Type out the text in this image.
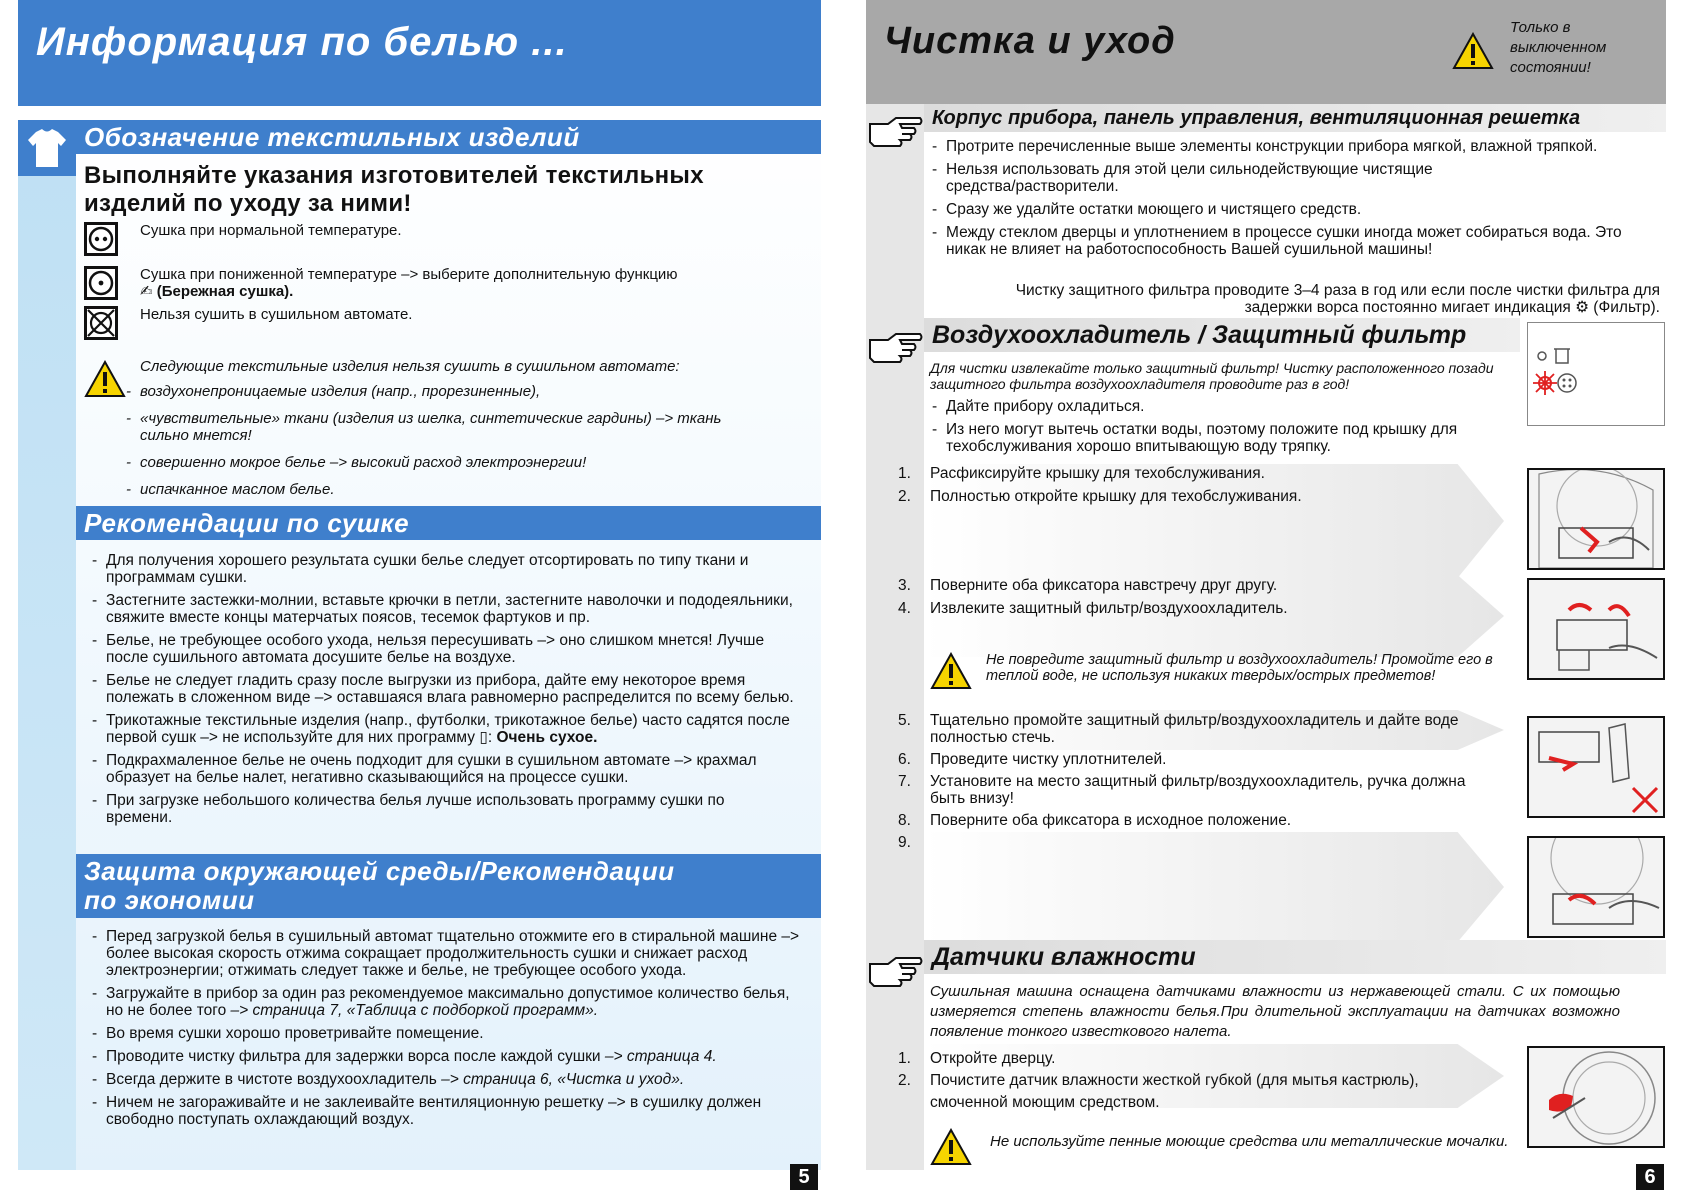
Информация по белью ...
Обозначение текстильных изделий
Выполняйте указания изготовителей текстильных изделий по уходу за ними!
Сушка при нормальной температуре.
Сушка при пониженной температуре –> выберите дополнительную функцию
✍ (Бережная сушка).
Нельзя сушить в сушильном автомате.
Следующие текстильные изделия нельзя сушить в сушильном автомате:
- воздухонепроницаемые изделия (напр., прорезиненные),
- «чувствительные» ткани (изделия из шелка, синтетические гардины) –> ткань сильно мнется!
- совершенно мокрое белье –> высокий расход электроэнергии!
- испачканное маслом белье.
Рекомендации по сушке
- Для получения хорошего результата сушки белье следует отсортировать по типу ткани и программам сушки.
- Застегните застежки-молнии, вставьте крючки в петли, застегните наволочки и пододеяльники, свяжите вместе концы матерчатых поясов, тесемок фартуков и пр.
- Белье, не требующее особого ухода, нельзя пересушивать –> оно слишком мнется! Лучше после сушильного автомата досушите белье на воздухе.
- Белье не следует гладить сразу после выгрузки из прибора, дайте ему некоторое время полежать в сложенном виде –> оставшаяся влага равномерно распределится по всему белью.
- Трикотажные текстильные изделия (напр., футболки, трикотажное белье) часто садятся после первой сушк –> не используйте для них программу ▯: Очень сухое.
- Подкрахмаленное белье не очень подходит для сушки в сушильном автомате –> крахмал образует на белье налет, негативно сказывающийся на процессе сушки.
- При загрузке небольшого количества белья лучше использовать программу сушки по времени.
Защита окружающей среды/Рекомендации
по экономии
- Перед загрузкой белья в сушильный автомат тщательно отожмите его в стиральной машине –> более высокая скорость отжима сокращает продолжительность сушки и снижает расход электроэнергии; отжимать следует также и белье, не требующее особого ухода.
- Загружайте в прибор за один раз рекомендуемое максимально допустимое количество белья, но не более того –> страница 7, «Таблица с подборкой программ».
- Во время сушки хорошо проветривайте помещение.
- Проводите чистку фильтра для задержки ворса после каждой сушки –> страница 4.
- Всегда держите в чистоте воздухоохладитель –> страница 6, «Чистка и уход».
- Ничем не загораживайте и не заклеивайте вентиляционную решетку –> в сушилку должен свободно поступать охлаждающий воздух.
5
Чистка и уход	Только в выключенном состоянии!
Корпус прибора, панель управления, вентиляционная решетка
- Протрите перечисленные выше элементы конструкции прибора мягкой, влажной тряпкой.
- Нельзя использовать для этой цели сильнодействующие чистящие средства/растворители.
- Сразу же удалйте остатки моющего и чистящего средств.
- Между стеклом дверцы и уплотнением в процессе сушки иногда может собираться вода. Это никак не влияет на работоспособность Вашей сушильной машины!
Чистку защитного фильтра проводите 3–4 раза в год или если после чистки фильтра для задержки ворса постоянно мигает индикация ⚙ (Фильтр).
Воздухоохладитель / Защитный фильтр
Для чистки извлекайте только защитный фильтр! Чистку расположенного позади защитного фильтра воздухоохладителя проводите раз в год!
- Дайте прибору охладиться.
- Из него могут вытечь остатки воды, поэтому положите под крышку для техобслуживания хорошо впитывающую воду тряпку.
1. Расфиксируйте крышку для техобслуживания.
2. Полностью откройте крышку для техобслуживания.
3. Поверните оба фиксатора навстречу друг другу.
4. Извлеките защитный фильтр/воздухоохладитель.
Не повредите защитный фильтр и воздухоохладитель! Промойте его в теплой воде, не используя никаких твердых/острых предметов!
5. Тщательно промойте защитный фильтр/воздухоохладитель и дайте воде полностью стечь.
6. Проведите чистку уплотнителей.
7. Установите на место защитный фильтр/воздухоохладитель, ручка должна быть внизу!
8. Поверните оба фиксатора в исходное положение.
9.
Датчики влажности
Сушильная машина оснащена датчиками влажности из нержавеющей стали. С их помощью измеряется степень влажности белья.При длительной эксплуатации на датчиках возможно появление тонкого известкового налета.
1. Откройте дверцу.
2. Почистите датчик влажности жесткой губкой (для мытья кастрюль), смоченной моющим средством.
Не используйте пенные моющие средства или металлические мочалки.
6
